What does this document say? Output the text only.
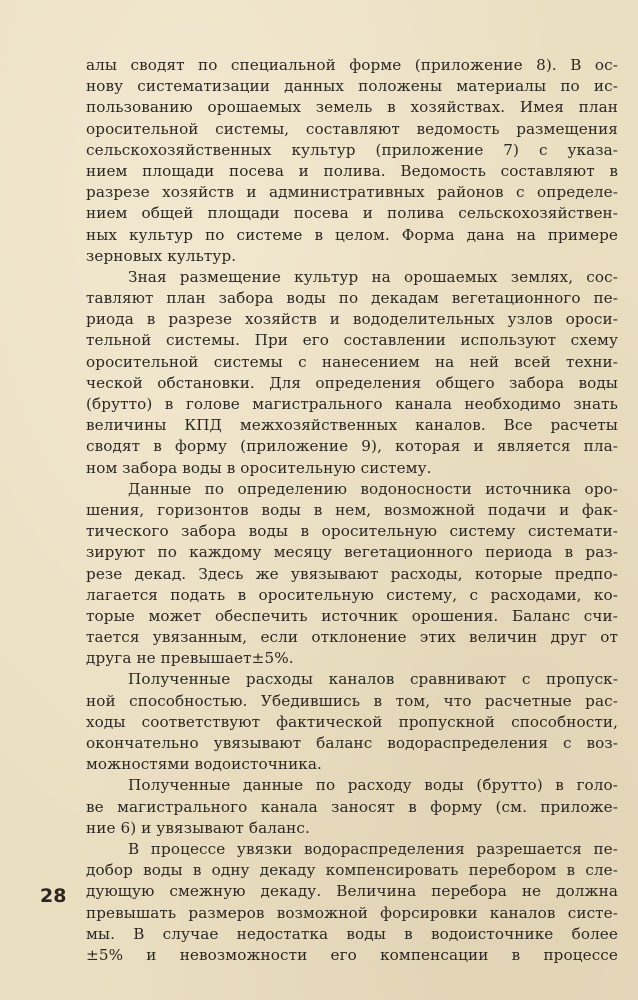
алы сводят по специальной форме (приложение 8). В ос-
нову систематизации данных положены материалы по ис-
пользованию орошаемых земель в хозяйствах. Имея план
оросительной системы, составляют ведомость размещения
сельскохозяйственных культур (приложение 7) с указа-
нием площади посева и полива. Ведомость составляют в
разрезе хозяйств и административных районов с определе-
нием общей площади посева и полива сельскохозяйствен-
ных культур по системе в целом. Форма дана на примере
зерновых культур.
Зная размещение культур на орошаемых землях, сос-
тавляют план забора воды по декадам вегетационного пе-
риода в разрезе хозяйств и вододелительных узлов ороси-
тельной системы. При его составлении используют схему
оросительной системы с нанесением на ней всей техни-
ческой обстановки. Для определения общего забора воды
(брутто) в голове магистрального канала необходимо знать
величины КПД межхозяйственных каналов. Все расчеты
сводят в форму (приложение 9), которая и является пла-
ном забора воды в оросительную систему.
Данные по определению водоносности источника оро-
шения, горизонтов воды в нем, возможной подачи и фак-
тического забора воды в оросительную систему системати-
зируют по каждому месяцу вегетационного периода в раз-
резе декад. Здесь же увязывают расходы, которые предпо-
лагается подать в оросительную систему, с расходами, ко-
торые может обеспечить источник орошения. Баланс счи-
тается увязанным, если отклонение этих величин друг от
друга не превышает±5%.
Полученные расходы каналов сравнивают с пропуск-
ной способностью. Убедившись в том, что расчетные рас-
ходы соответствуют фактической пропускной способности,
окончательно увязывают баланс водораспределения с воз-
можностями водоисточника.
Полученные данные по расходу воды (брутто) в голо-
ве магистрального канала заносят в форму (см. приложе-
ние 6) и увязывают баланс.
В процессе увязки водораспределения разрешается пе-
добор воды в одну декаду компенсировать перебором в сле-
дующую смежную декаду. Величина перебора не должна
превышать размеров возможной форсировки каналов систе-
мы. В случае недостатка воды в водоисточнике более
±5% и невозможности его компенсации в процессе
28
